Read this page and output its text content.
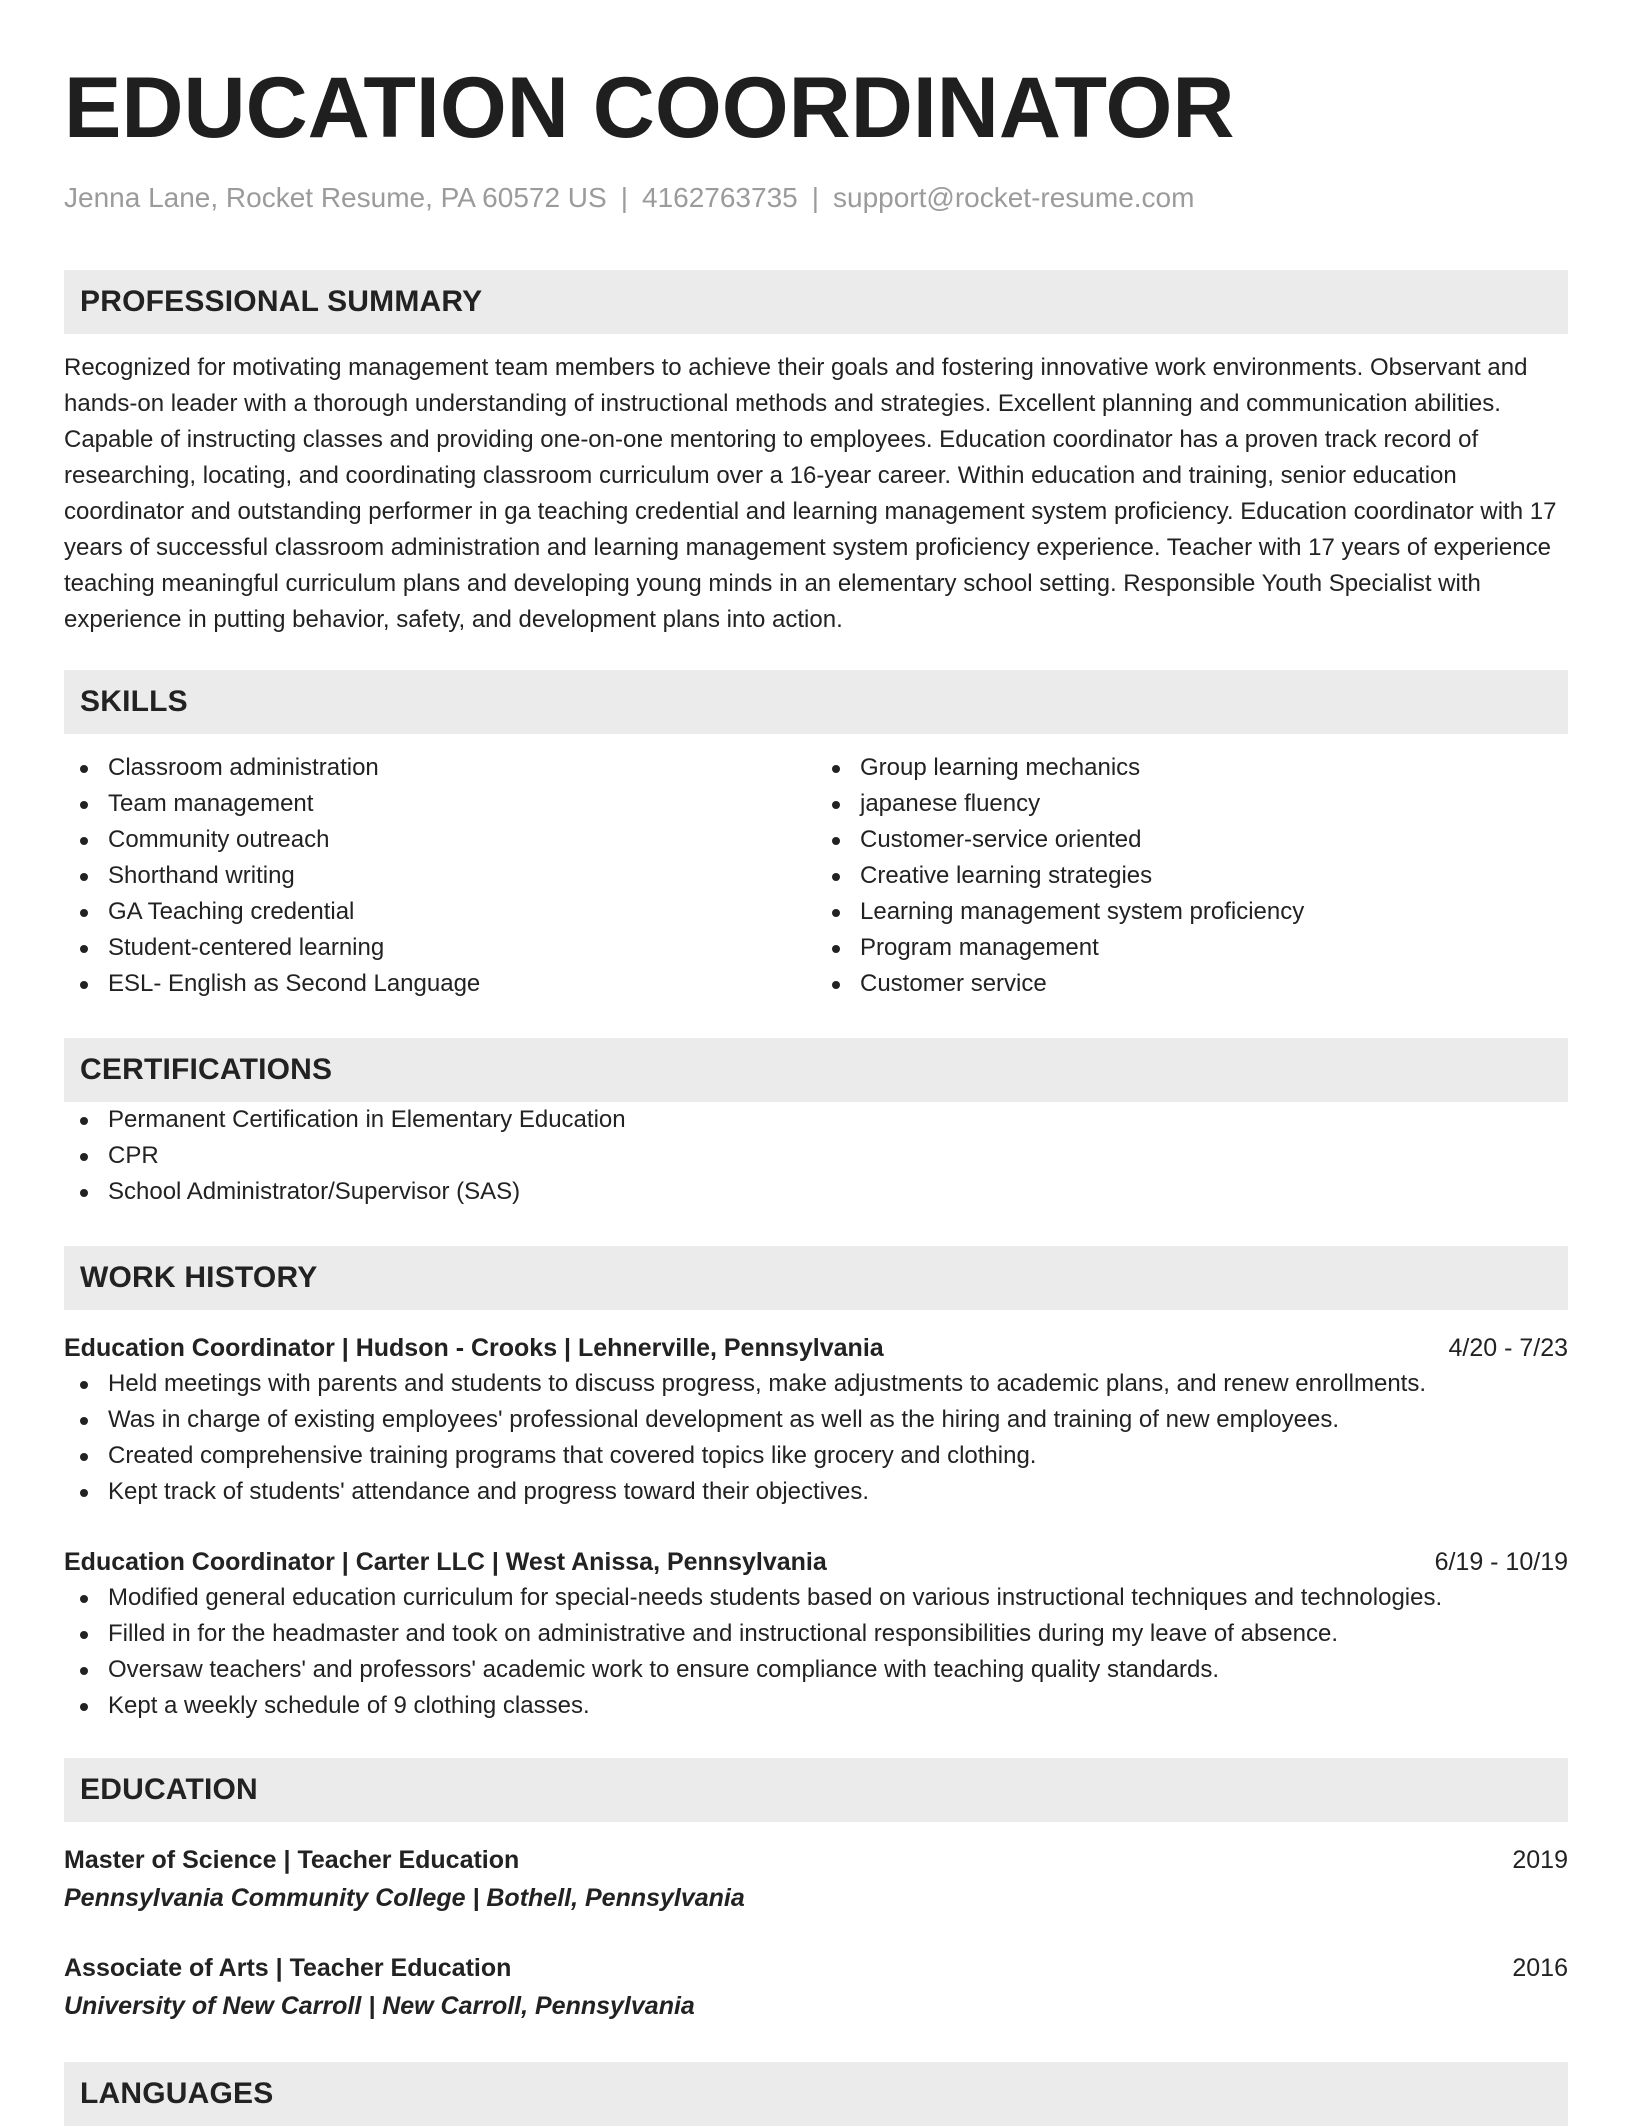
EDUCATION COORDINATOR
Jenna Lane, Rocket Resume, PA 60572 US | 4162763735 | support@rocket-resume.com
PROFESSIONAL SUMMARY

Recognized for motivating management team members to achieve their goals and fostering innovative work environments. Observant and hands-on leader with a thorough understanding of instructional methods and strategies. Excellent planning and communication abilities. Capable of instructing classes and providing one-on-one mentoring to employees. Education coordinator has a proven track record of researching, locating, and coordinating classroom curriculum over a 16-year career. Within education and training, senior education coordinator and outstanding performer in ga teaching credential and learning management system proficiency. Education coordinator with 17 years of successful classroom administration and learning management system proficiency experience. Teacher with 17 years of experience teaching meaningful curriculum plans and developing young minds in an elementary school setting. Responsible Youth Specialist with experience in putting behavior, safety, and development plans into action.

SKILLS
Classroom administration
Team management
Community outreach
Shorthand writing
GA Teaching credential
Student-centered learning
ESL- English as Second Language
Group learning mechanics
japanese fluency
Customer-service oriented
Creative learning strategies
Learning management system proficiency
Program management
Customer service
CERTIFICATIONS
Permanent Certification in Elementary Education
CPR
School Administrator/Supervisor (SAS)
WORK HISTORY
Education Coordinator | Hudson - Crooks | Lehnerville, Pennsylvania	4/20 - 7/23
Held meetings with parents and students to discuss progress, make adjustments to academic plans, and renew enrollments.
Was in charge of existing employees' professional development as well as the hiring and training of new employees.
Created comprehensive training programs that covered topics like grocery and clothing.
Kept track of students' attendance and progress toward their objectives.
Education Coordinator | Carter LLC | West Anissa, Pennsylvania	6/19 - 10/19
Modified general education curriculum for special-needs students based on various instructional techniques and technologies.
Filled in for the headmaster and took on administrative and instructional responsibilities during my leave of absence.
Oversaw teachers' and professors' academic work to ensure compliance with teaching quality standards.
Kept a weekly schedule of 9 clothing classes.
EDUCATION
Master of Science | Teacher Education	2019
Pennsylvania Community College | Bothell, Pennsylvania
Associate of Arts | Teacher Education	2016
University of New Carroll | New Carroll, Pennsylvania
LANGUAGES
